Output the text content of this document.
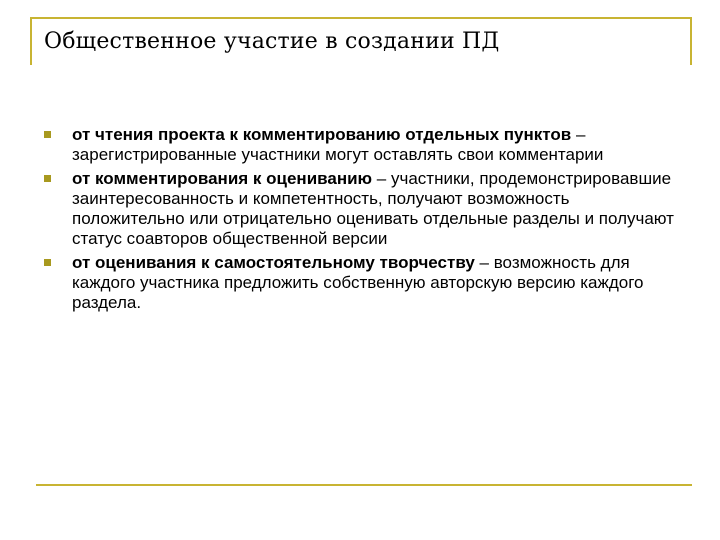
Общественное участие в создании ПД
от чтения проекта к комментированию отдельных пунктов – зарегистрированные участники могут оставлять свои комментарии
от комментирования к оцениванию – участники, продемонстрировавшие заинтересованность и компетентность, получают возможность положительно или отрицательно оценивать отдельные разделы и получают статус соавторов общественной версии
от оценивания к самостоятельному творчеству – возможность для каждого участника предложить собственную авторскую версию каждого раздела.
